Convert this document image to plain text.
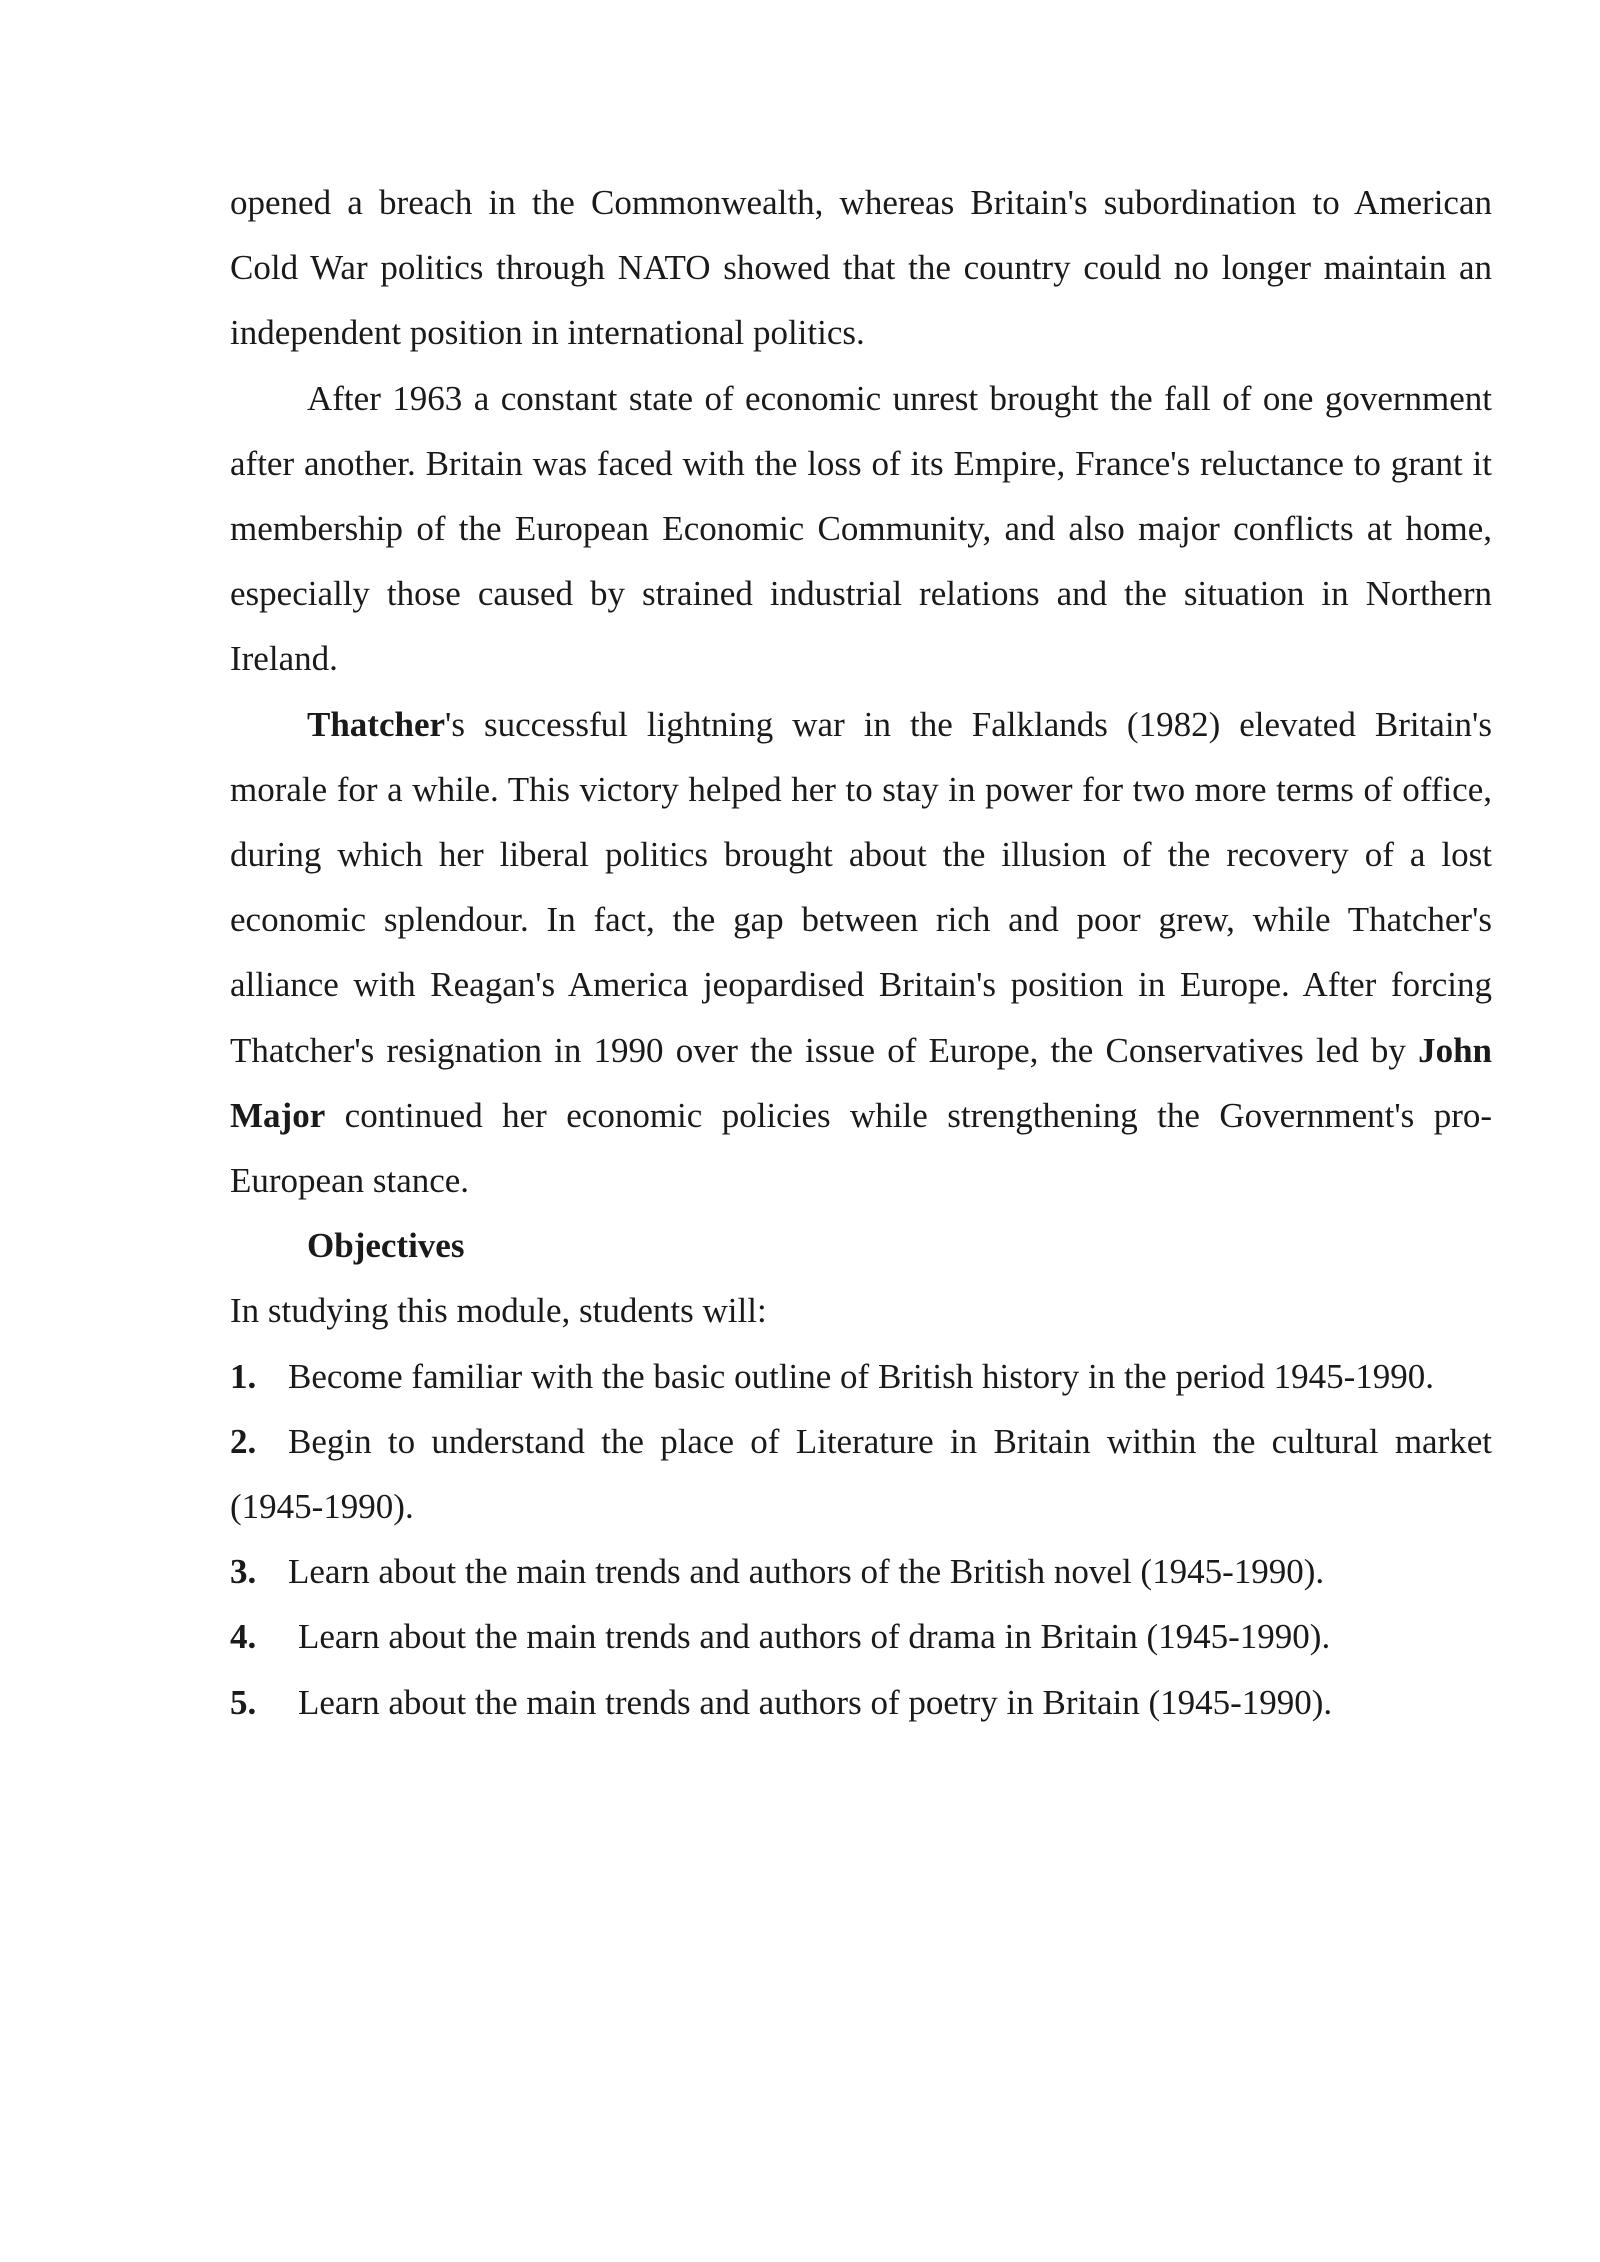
opened a breach in the Commonwealth, whereas Britain's subordination to American Cold War politics through NATO showed that the country could no longer maintain an independent position in international politics.

After 1963 a constant state of economic unrest brought the fall of one government after another. Britain was faced with the loss of its Empire, France's reluctance to grant it membership of the European Economic Community, and also major conflicts at home, especially those caused by strained industrial relations and the situation in Northern Ireland.

Thatcher's successful lightning war in the Falklands (1982) elevated Britain's morale for a while. This victory helped her to stay in power for two more terms of office, during which her liberal politics brought about the illusion of the recovery of a lost economic splendour. In fact, the gap between rich and poor grew, while Thatcher's alliance with Reagan's America jeopardised Britain's position in Europe. After forcing Thatcher's resignation in 1990 over the issue of Europe, the Conservatives led by John Major continued her economic policies while strengthening the Government's pro-European stance.

Objectives

In studying this module, students will:

1. Become familiar with the basic outline of British history in the period 1945-1990.
2. Begin to understand the place of Literature in Britain within the cultural market (1945-1990).
3. Learn about the main trends and authors of the British novel (1945-1990).
4. Learn about the main trends and authors of drama in Britain (1945-1990).
5. Learn about the main trends and authors of poetry in Britain (1945-1990).
